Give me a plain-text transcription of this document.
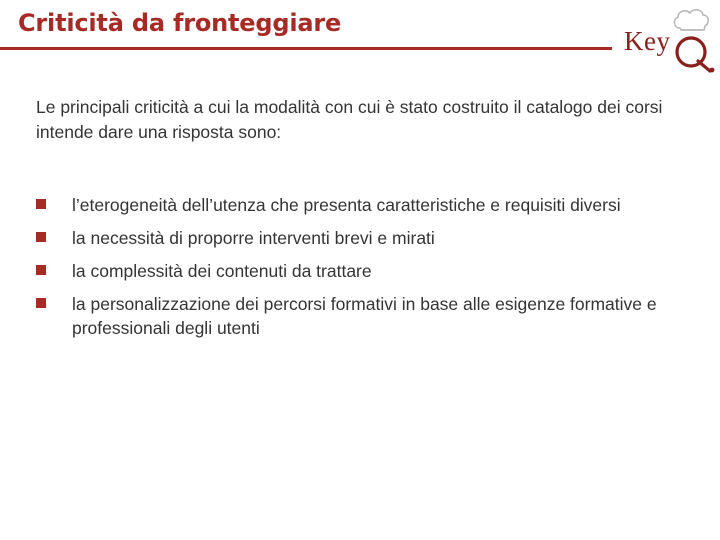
Criticità da fronteggiare
Key
Le principali criticità a cui la modalità con cui è stato costruito il catalogo dei corsi intende dare una risposta sono:
l’eterogeneità dell’utenza che presenta caratteristiche e requisiti diversi
la necessità di proporre interventi brevi e mirati
la complessità dei contenuti da trattare
la personalizzazione dei percorsi formativi in base alle esigenze formative e professionali degli utenti
